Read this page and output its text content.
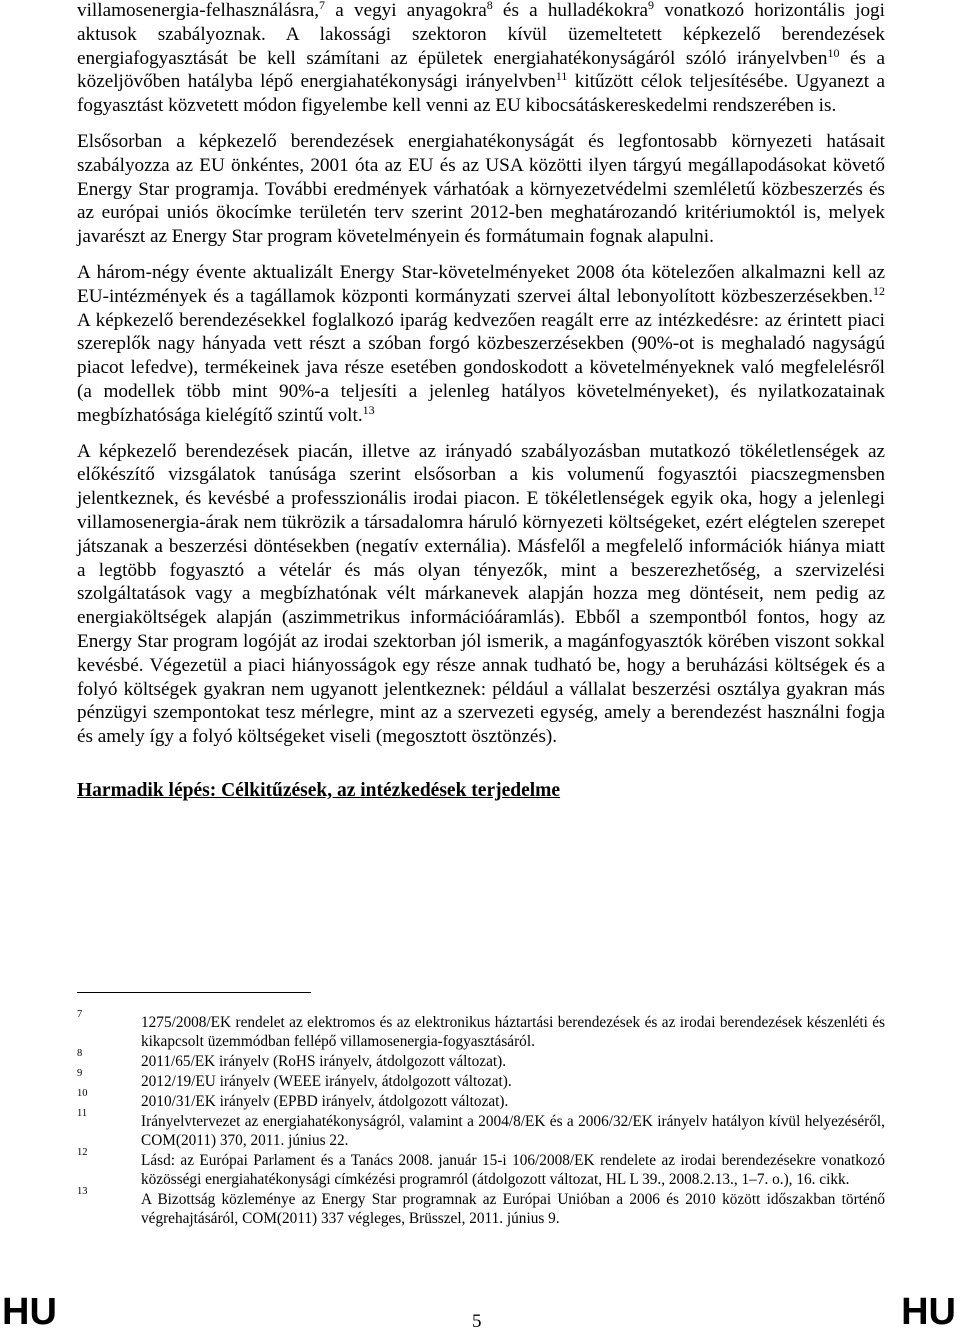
villamosenergia-felhasználásra,$^7$ a vegyi anyagokra$^8$ és a hulladékokra$^9$ vonatkozó horizontális jogi aktusok szabályoznak. A lakossági szektoron kívül üzemeltetett képkezelő berendezések energiafogyasztását be kell számítani az épületek energiahatékonyságáról szóló irányelvben$^{10}$ és a közeljövőben hatályba lépő energiahatékonysági irányelvben$^{11}$ kitűzött célok teljesítésébe. Ugyanezt a fogyasztást közvetett módon figyelembe kell venni az EU kibocsátáskereskedelmi rendszerében is.

Elsősorban a képkezelő berendezések energiahatékonyságát és legfontosabb környezeti hatásait szabályozza az EU önkéntes, 2001 óta az EU és az USA közötti ilyen tárgyú megállapodásokat követő Energy Star programja. További eredmények várhatóak a környezetvédelmi szemléletű közbeszerzés és az európai uniós ökocímke területén terv szerint 2012-ben meghatározandó kritériumoktól is, melyek javarészt az Energy Star program követelményein és formátumain fognak alapulni.

A három-négy évente aktualizált Energy Star-követelményeket 2008 óta kötelezően alkalmazni kell az EU-intézmények és a tagállamok központi kormányzati szervei által lebonyolított közbeszerzésekben.$^{12}$ A képkezelő berendezésekkel foglalkozó iparág kedvezően reagált erre az intézkedésre: az érintett piaci szereplők nagy hányada vett részt a szóban forgó közbeszerzésekben (90%-ot is meghaladó nagyságú piacot lefedve), termékeinek java része esetében gondoskodott a követelményeknek való megfelelésről (a modellek több mint 90%-a teljesíti a jelenleg hatályos követelményeket), és nyilatkozatainak megbízhatósága kielégítő szintű volt.$^{13}$

A képkezelő berendezések piacán, illetve az irányadó szabályozásban mutatkozó tökéletlenségek az előkészítő vizsgálatok tanúsága szerint elsősorban a kis volumenű fogyasztói piacszegmensben jelentkeznek, és kevésbé a professzionális irodai piacon. E tökéletlenségek egyik oka, hogy a jelenlegi villamosenergia-árak nem tükrözik a társadalomra háruló környezeti költségeket, ezért elégtelen szerepet játszanak a beszerzési döntésekben (negatív externália). Másfelől a megfelelő információk hiánya miatt a legtöbb fogyasztó a vételár és más olyan tényezők, mint a beszerezhetőség, a szervizelési szolgáltatások vagy a megbízhatónak vélt márkanevek alapján hozza meg döntéseit, nem pedig az energiaköltségek alapján (aszimmetrikus információáramlás). Ebből a szempontból fontos, hogy az Energy Star program logóját az irodai szektorban jól ismerik, a magánfogyasztók körében viszont sokkal kevésbé. Végezetül a piaci hiányosságok egy része annak tudható be, hogy a beruházási költségek és a folyó költségek gyakran nem ugyanott jelentkeznek: például a vállalat beszerzési osztálya gyakran más pénzügyi szempontokat tesz mérlegre, mint az a szervezeti egység, amely a berendezést használni fogja és amely így a folyó költségeket viseli (megosztott ösztönzés).

Harmadik lépés: Célkitűzések, az intézkedések terjedelme

7	1275/2008/EK rendelet az elektromos és az elektronikus háztartási berendezések és az irodai berendezések készenléti és kikapcsolt üzemmódban fellépő villamosenergia-fogyasztásáról.
8	2011/65/EK irányelv (RoHS irányelv, átdolgozott változat).
9	2012/19/EU irányelv (WEEE irányelv, átdolgozott változat).
10	2010/31/EK irányelv (EPBD irányelv, átdolgozott változat).
11	Irányelvtervezet az energiahatékonyságról, valamint a 2004/8/EK és a 2006/32/EK irányelv hatályon kívül helyezéséről, COM(2011) 370, 2011. június 22.
12	Lásd: az Európai Parlament és a Tanács 2008. január 15-i 106/2008/EK rendelete az irodai berendezésekre vonatkozó közösségi energiahatékonysági címkézési programról (átdolgozott változat, HL L 39., 2008.2.13., 1–7. o.), 16. cikk.
13	A Bizottság közleménye az Energy Star programnak az Európai Unióban a 2006 és 2010 között időszakban történő végrehajtásáról, COM(2011) 337 végleges, Brüsszel, 2011. június 9.
HU	5	HU
